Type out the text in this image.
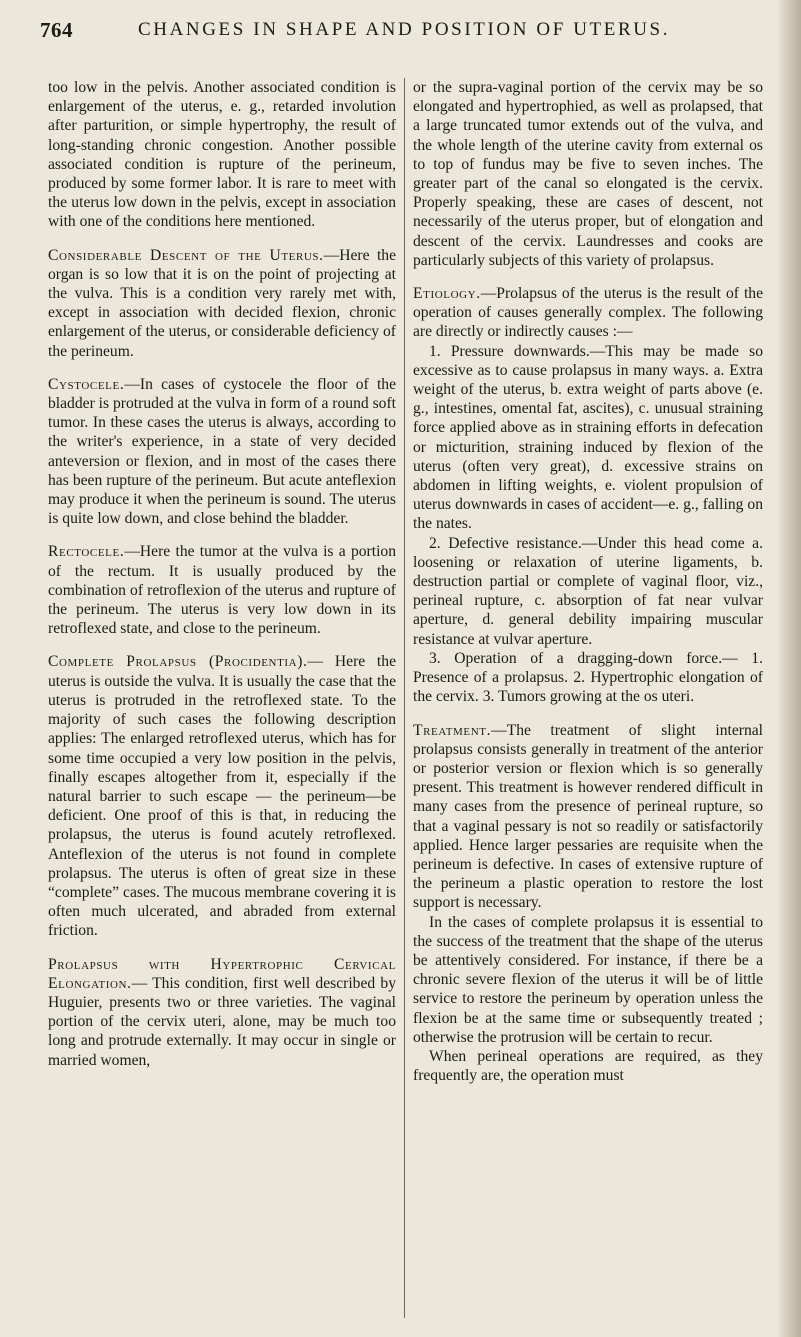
764	CHANGES IN SHAPE AND POSITION OF UTERUS.

too low in the pelvis. Another associated condition is enlargement of the uterus, e. g., retarded involution after parturition, or simple hypertrophy, the result of long-standing chronic congestion. Another possible associated condition is rupture of the perineum, produced by some former labor. It is rare to meet with the uterus low down in the pelvis, except in association with one of the conditions here mentioned.

Considerable Descent of the Uterus.—Here the organ is so low that it is on the point of projecting at the vulva. This is a condition very rarely met with, except in association with decided flexion, chronic enlargement of the uterus, or considerable deficiency of the perineum.

Cystocele.—In cases of cystocele the floor of the bladder is protruded at the vulva in form of a round soft tumor. In these cases the uterus is always, according to the writer's experience, in a state of very decided anteversion or flexion, and in most of the cases there has been rupture of the perineum. But acute anteflexion may produce it when the perineum is sound. The uterus is quite low down, and close behind the bladder.

Rectocele.—Here the tumor at the vulva is a portion of the rectum. It is usually produced by the combination of retroflexion of the uterus and rupture of the perineum. The uterus is very low down in its retroflexed state, and close to the perineum.

Complete Prolapsus (Procidentia).— Here the uterus is outside the vulva. It is usually the case that the uterus is protruded in the retroflexed state. To the majority of such cases the following description applies: The enlarged retroflexed uterus, which has for some time occupied a very low position in the pelvis, finally escapes altogether from it, especially if the natural barrier to such escape — the perineum—be deficient. One proof of this is that, in reducing the prolapsus, the uterus is found acutely retroflexed. Anteflexion of the uterus is not found in complete prolapsus. The uterus is often of great size in these “complete” cases. The mucous membrane covering it is often much ulcerated, and abraded from external friction.

Prolapsus with Hypertrophic Cervical Elongation.— This condition, first well described by Huguier, presents two or three varieties. The vaginal portion of the cervix uteri, alone, may be much too long and protrude externally. It may occur in single or married women,

or the supra-vaginal portion of the cervix may be so elongated and hypertrophied, as well as prolapsed, that a large truncated tumor extends out of the vulva, and the whole length of the uterine cavity from external os to top of fundus may be five to seven inches. The greater part of the canal so elongated is the cervix. Properly speaking, these are cases of descent, not necessarily of the uterus proper, but of elongation and descent of the cervix. Laundresses and cooks are particularly subjects of this variety of prolapsus.

Etiology.—Prolapsus of the uterus is the result of the operation of causes generally complex. The following are directly or indirectly causes :—

1. Pressure downwards.—This may be made so excessive as to cause prolapsus in many ways. a. Extra weight of the uterus, b. extra weight of parts above (e. g., intestines, omental fat, ascites), c. unusual straining force applied above as in straining efforts in defecation or micturition, straining induced by flexion of the uterus (often very great), d. excessive strains on abdomen in lifting weights, e. violent propulsion of uterus downwards in cases of accident—e. g., falling on the nates.

2. Defective resistance.—Under this head come a. loosening or relaxation of uterine ligaments, b. destruction partial or complete of vaginal floor, viz., perineal rupture, c. absorption of fat near vulvar aperture, d. general debility impairing muscular resistance at vulvar aperture.

3. Operation of a dragging-down force.— 1. Presence of a prolapsus. 2. Hypertrophic elongation of the cervix. 3. Tumors growing at the os uteri.

Treatment.—The treatment of slight internal prolapsus consists generally in treatment of the anterior or posterior version or flexion which is so generally present. This treatment is however rendered difficult in many cases from the presence of perineal rupture, so that a vaginal pessary is not so readily or satisfactorily applied. Hence larger pessaries are requisite when the perineum is defective. In cases of extensive rupture of the perineum a plastic operation to restore the lost support is necessary.

In the cases of complete prolapsus it is essential to the success of the treatment that the shape of the uterus be attentively considered. For instance, if there be a chronic severe flexion of the uterus it will be of little service to restore the perineum by operation unless the flexion be at the same time or subsequently treated ; otherwise the protrusion will be certain to recur.

When perineal operations are required, as they frequently are, the operation must
